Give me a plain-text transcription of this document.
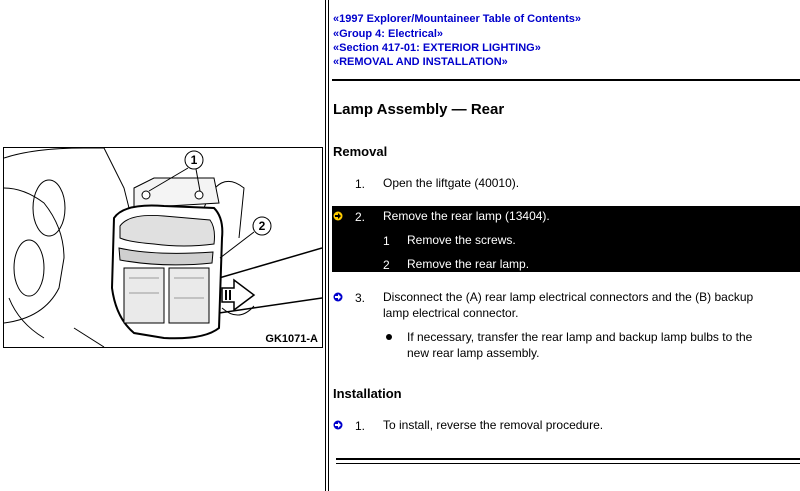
1
2
GK1071-A
«1997 Explorer/Mountaineer Table of Contents»
«Group 4: Electrical»
«Section 417-01: EXTERIOR LIGHTING»
«REMOVAL AND INSTALLATION»
Lamp Assembly — Rear
Removal
1. Open the liftgate (40010).
2. Remove the rear lamp (13404).
1 Remove the screws.
2 Remove the rear lamp.
3. Disconnect the (A) rear lamp electrical connectors and the (B) backup
lamp electrical connector.
If necessary, transfer the rear lamp and backup lamp bulbs to the
new rear lamp assembly.
Installation
1. To install, reverse the removal procedure.
